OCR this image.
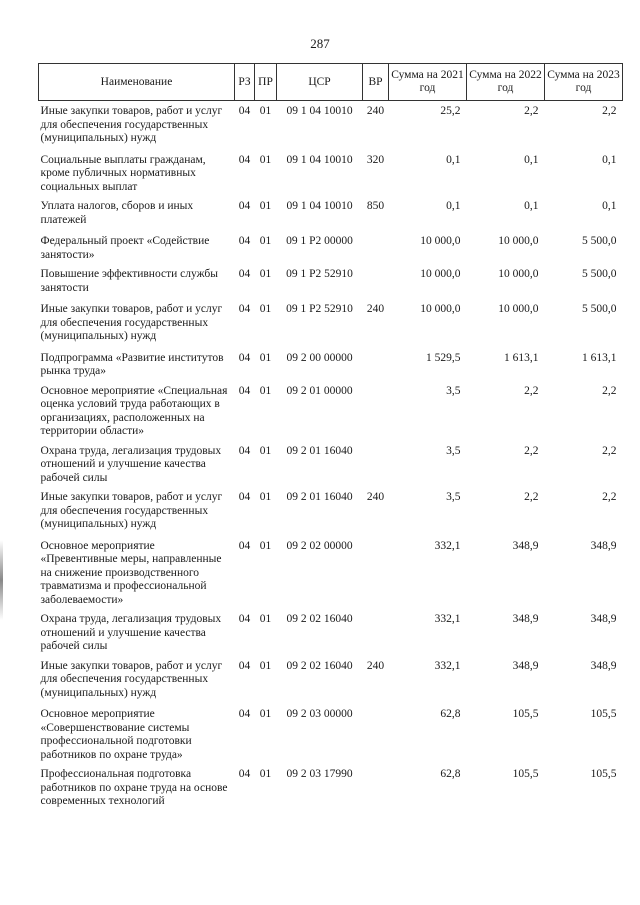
287
Наименование	РЗ	ПР	ЦСР	ВР	Сумма на 2021 год	Сумма на 2022 год	Сумма на 2023 год
Иные закупки товаров, работ и услуг для обеспечения государственных (муниципальных) нужд	04	01	09 1 04 10010	240	25,2	2,2	2,2
Социальные выплаты гражданам, кроме публичных нормативных социальных выплат	04	01	09 1 04 10010	320	0,1	0,1	0,1
Уплата налогов, сборов и иных платежей	04	01	09 1 04 10010	850	0,1	0,1	0,1
Федеральный проект «Содействие занятости»	04	01	09 1 P2 00000		10 000,0	10 000,0	5 500,0
Повышение эффективности службы занятости	04	01	09 1 P2 52910		10 000,0	10 000,0	5 500,0
Иные закупки товаров, работ и услуг для обеспечения государственных (муниципальных) нужд	04	01	09 1 P2 52910	240	10 000,0	10 000,0	5 500,0
Подпрограмма «Развитие институтов рынка труда»	04	01	09 2 00 00000		1 529,5	1 613,1	1 613,1
Основное мероприятие «Специальная оценка условий труда работающих в организациях, расположенных на территории области»	04	01	09 2 01 00000		3,5	2,2	2,2
Охрана труда, легализация трудовых отношений и улучшение качества рабочей силы	04	01	09 2 01 16040		3,5	2,2	2,2
Иные закупки товаров, работ и услуг для обеспечения государственных (муниципальных) нужд	04	01	09 2 01 16040	240	3,5	2,2	2,2
Основное мероприятие «Превентивные меры, направленные на снижение производственного травматизма и профессиональной заболеваемости»	04	01	09 2 02 00000		332,1	348,9	348,9
Охрана труда, легализация трудовых отношений и улучшение качества рабочей силы	04	01	09 2 02 16040		332,1	348,9	348,9
Иные закупки товаров, работ и услуг для обеспечения государственных (муниципальных) нужд	04	01	09 2 02 16040	240	332,1	348,9	348,9
Основное мероприятие «Совершенствование системы профессиональной подготовки работников по охране труда»	04	01	09 2 03 00000		62,8	105,5	105,5
Профессиональная подготовка работников по охране труда на основе современных технологий	04	01	09 2 03 17990		62,8	105,5	105,5
